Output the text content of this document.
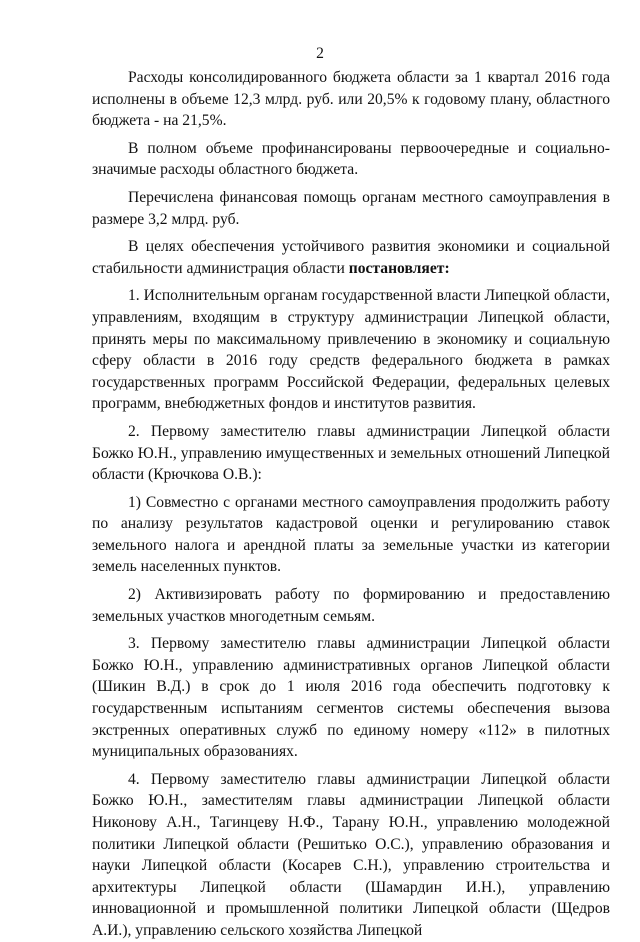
2

Расходы консолидированного бюджета области за 1 квартал 2016 года исполнены в объеме 12,3 млрд. руб. или 20,5% к годовому плану, областного бюджета - на 21,5%.

В полном объеме профинансированы первоочередные и социально-значимые расходы областного бюджета.

Перечислена финансовая помощь органам местного самоуправления в размере 3,2 млрд. руб.

В целях обеспечения устойчивого развития экономики и социальной стабильности администрация области постановляет:

1. Исполнительным органам государственной власти Липецкой области, управлениям, входящим в структуру администрации Липецкой области, принять меры по максимальному привлечению в экономику и социальную сферу области в 2016 году средств федерального бюджета в рамках государственных программ Российской Федерации, федеральных целевых программ, внебюджетных фондов и институтов развития.

2. Первому заместителю главы администрации Липецкой области Божко Ю.Н., управлению имущественных и земельных отношений Липецкой области (Крючкова О.В.):

1) Совместно с органами местного самоуправления продолжить работу по анализу результатов кадастровой оценки и регулированию ставок земельного налога и арендной платы за земельные участки из категории земель населенных пунктов.

2) Активизировать работу по формированию и предоставлению земельных участков многодетным семьям.

3. Первому заместителю главы администрации Липецкой области Божко Ю.Н., управлению административных органов Липецкой области (Шикин В.Д.) в срок до 1 июля 2016 года обеспечить подготовку к государственным испытаниям сегментов системы обеспечения вызова экстренных оперативных служб по единому номеру «112» в пилотных муниципальных образованиях.

4. Первому заместителю главы администрации Липецкой области Божко Ю.Н., заместителям главы администрации Липецкой области Никонову А.Н., Тагинцеву Н.Ф., Тарану Ю.Н., управлению молодежной политики Липецкой области (Решитько О.С.), управлению образования и науки Липецкой области (Косарев С.Н.), управлению строительства и архитектуры Липецкой области (Шамардин И.Н.), управлению инновационной и промышленной политики Липецкой области (Щедров А.И.), управлению сельского хозяйства Липецкой
